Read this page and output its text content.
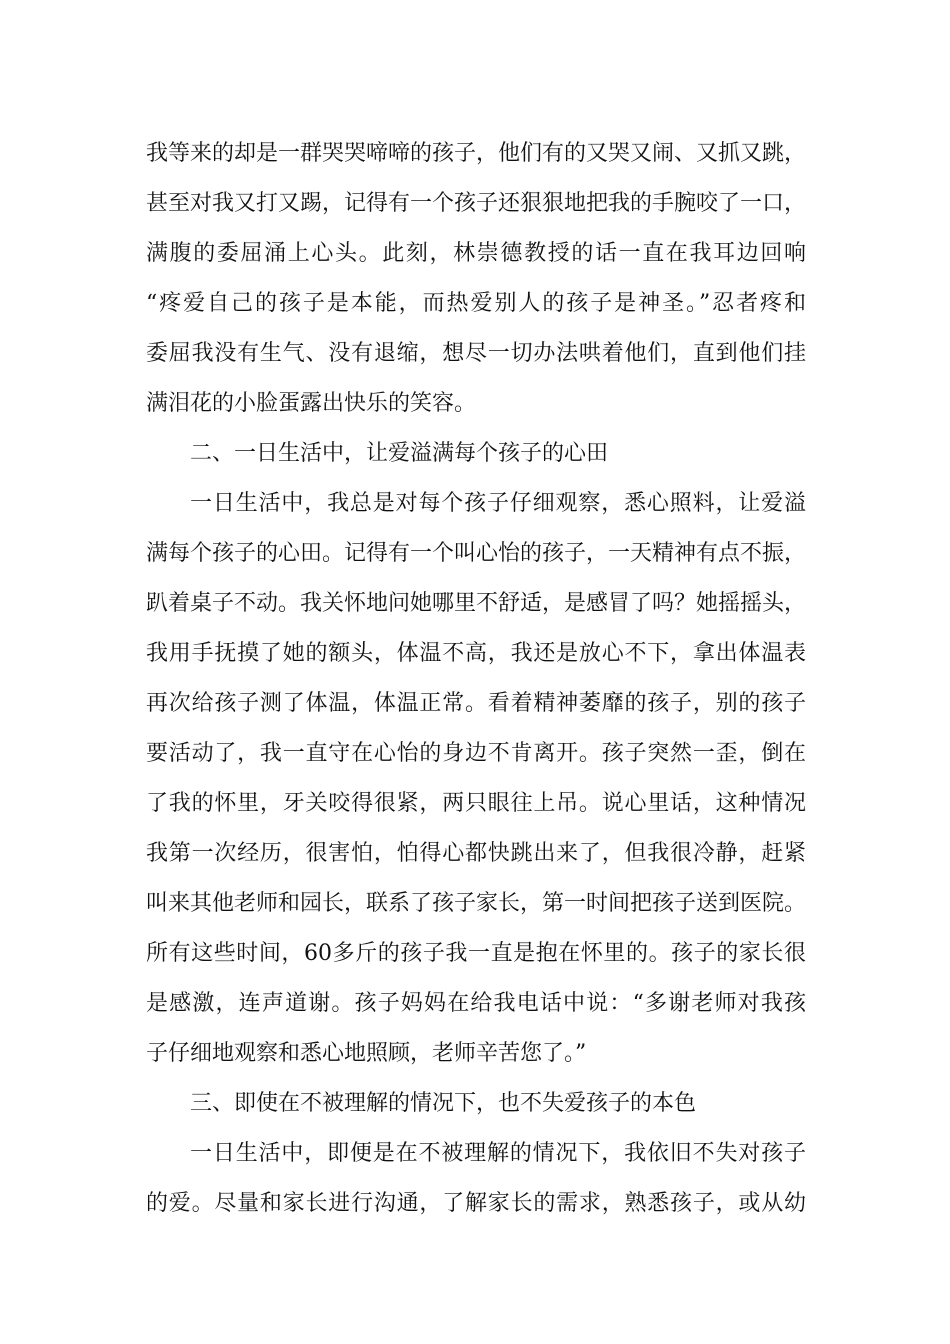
我等来的却是一群哭哭啼啼的孩子，他们有的又哭又闹、又抓又跳，
甚至对我又打又踢，记得有一个孩子还狠狠地把我的手腕咬了一口，
满腹的委屈涌上心头。此刻，林崇德教授的话一直在我耳边回响
“疼爱自己的孩子是本能，而热爱别人的孩子是神圣。”忍者疼和
委屈我没有生气、没有退缩，想尽一切办法哄着他们，直到他们挂
满泪花的小脸蛋露出快乐的笑容。
二、一日生活中，让爱溢满每个孩子的心田
一日生活中，我总是对每个孩子仔细观察，悉心照料，让爱溢
满每个孩子的心田。记得有一个叫心怡的孩子，一天精神有点不振，
趴着桌子不动。我关怀地问她哪里不舒适，是感冒了吗？她摇摇头，
我用手抚摸了她的额头，体温不高，我还是放心不下，拿出体温表
再次给孩子测了体温，体温正常。看着精神萎靡的孩子，别的孩子
要活动了，我一直守在心怡的身边不肯离开。孩子突然一歪，倒在
了我的怀里，牙关咬得很紧，两只眼往上吊。说心里话，这种情况
我第一次经历，很害怕，怕得心都快跳出来了，但我很冷静，赶紧
叫来其他老师和园长，联系了孩子家长，第一时间把孩子送到医院。
所有这些时间，60多斤的孩子我一直是抱在怀里的。孩子的家长很
是感激，连声道谢。孩子妈妈在给我电话中说：“多谢老师对我孩
子仔细地观察和悉心地照顾，老师辛苦您了。”
三、即使在不被理解的情况下，也不失爱孩子的本色
一日生活中，即便是在不被理解的情况下，我依旧不失对孩子
的爱。尽量和家长进行沟通，了解家长的需求，熟悉孩子，或从幼
